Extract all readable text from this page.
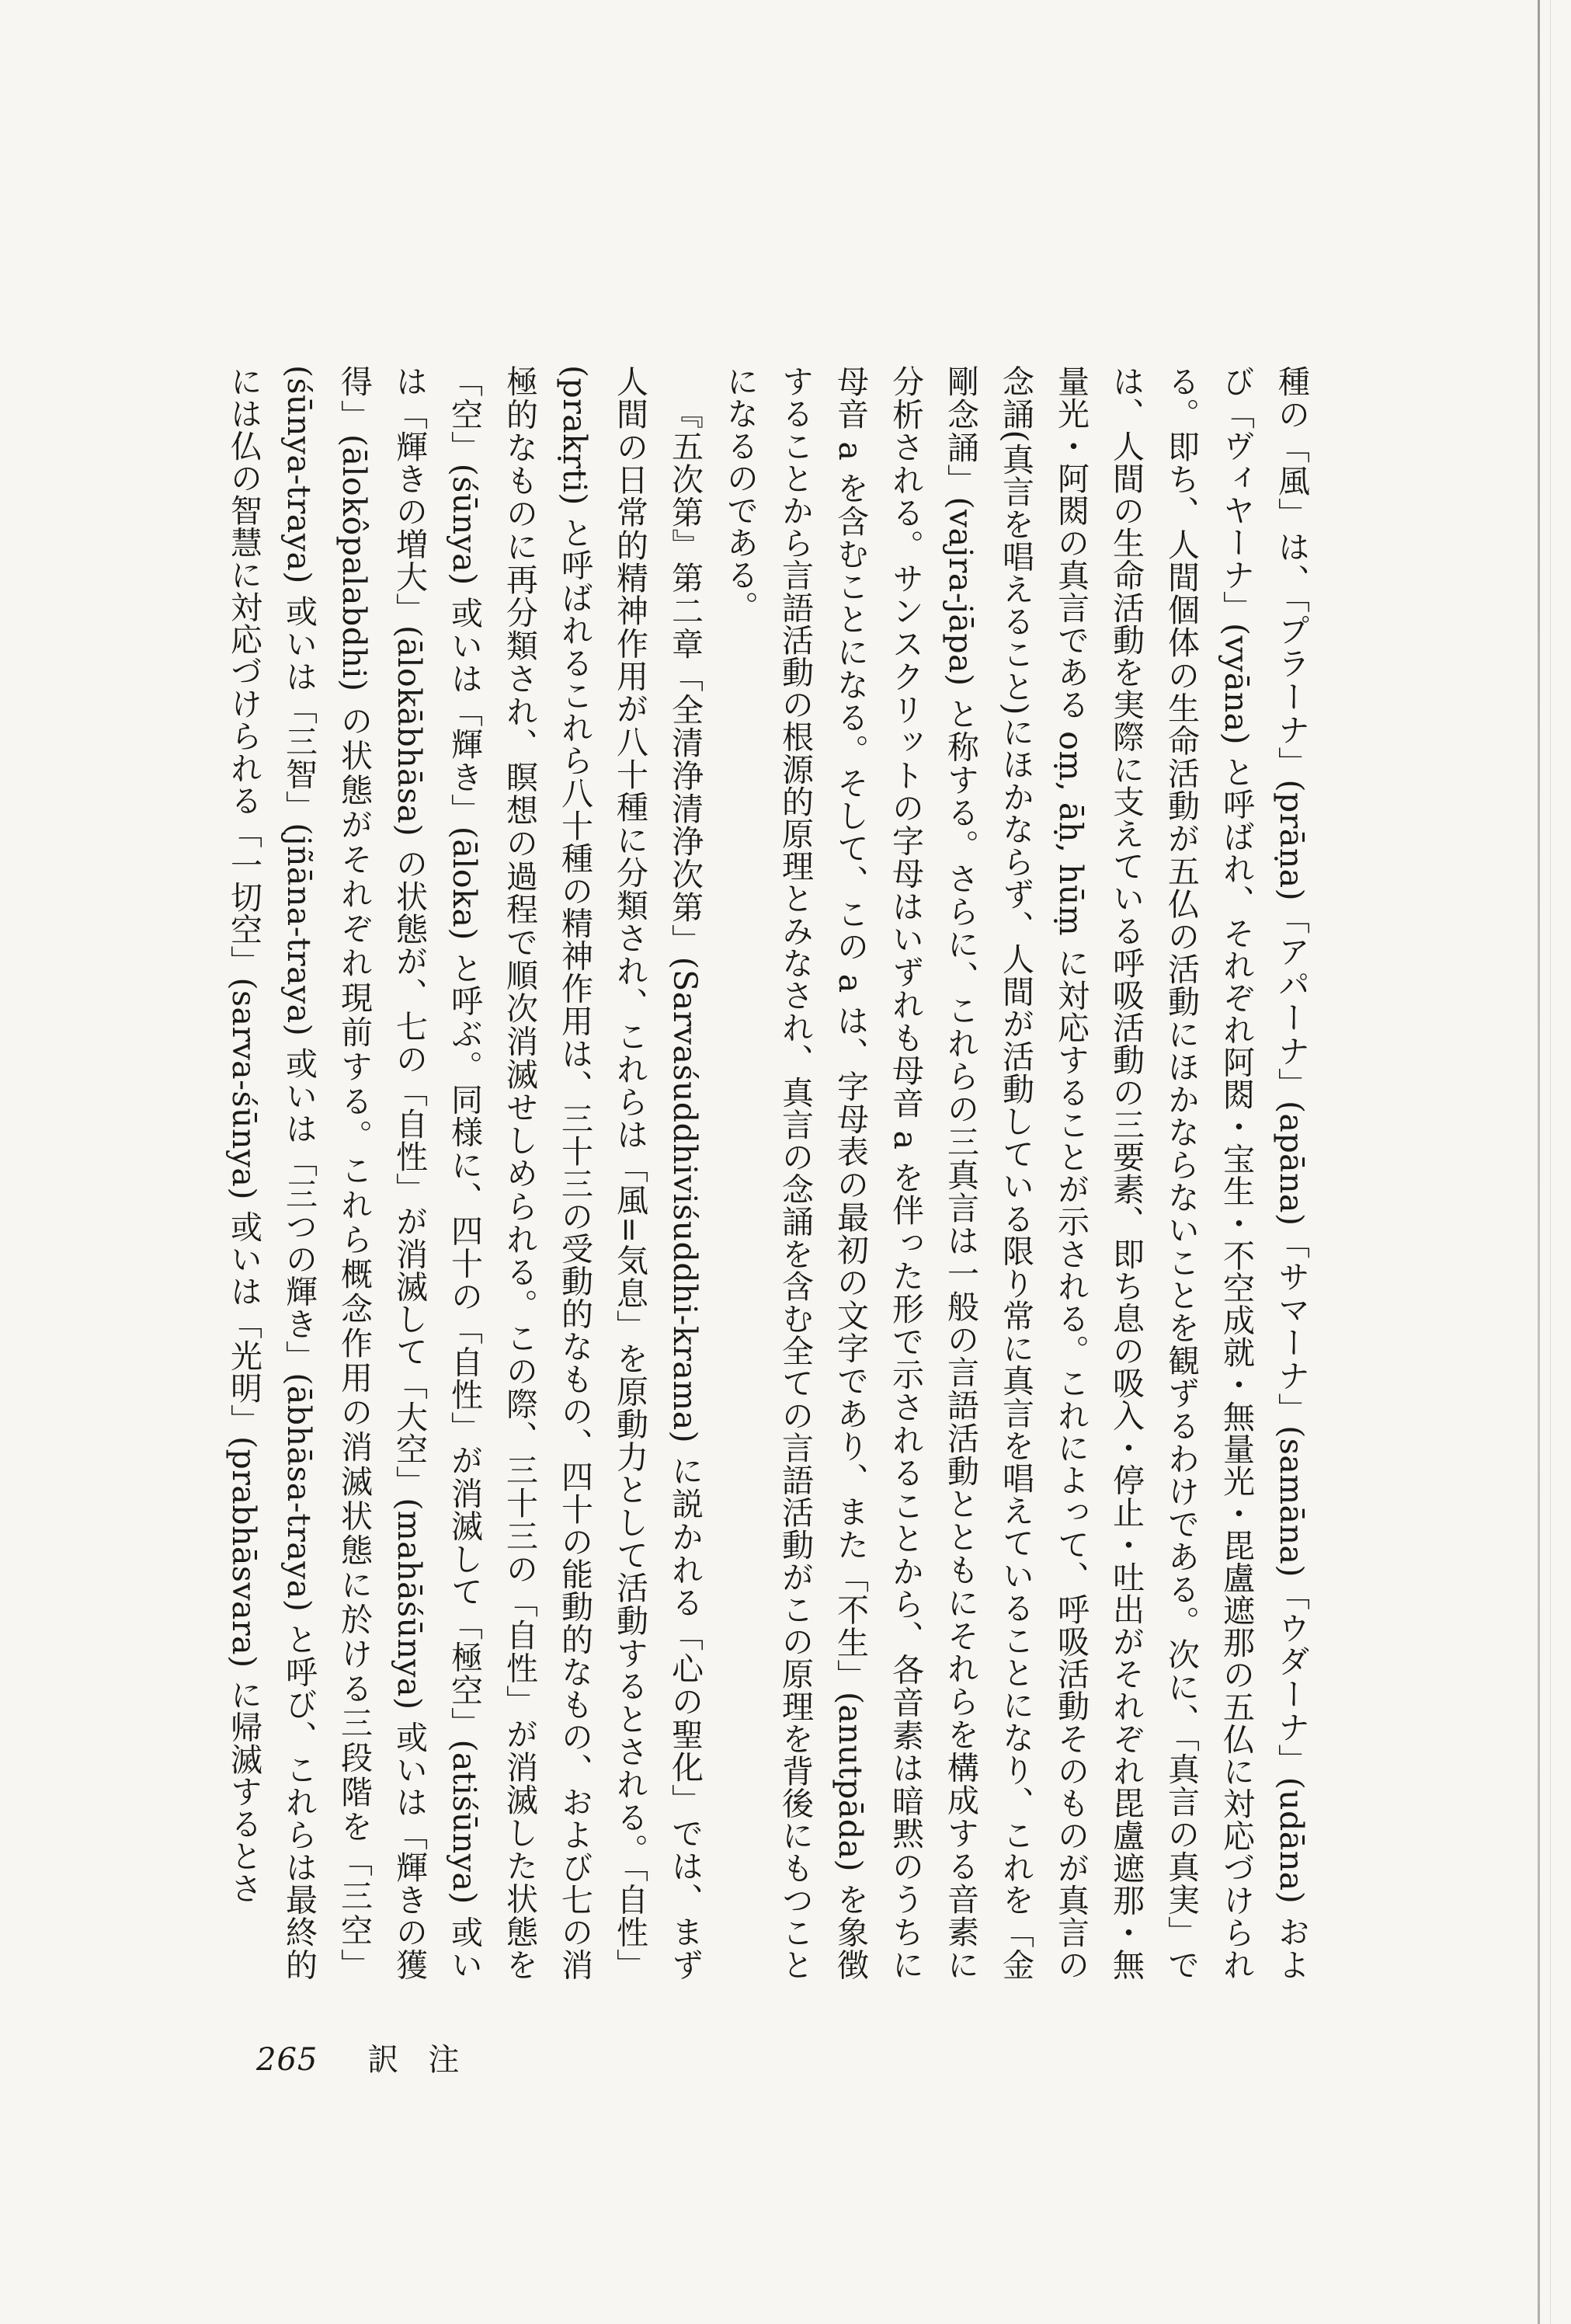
種の「風」は、「プラーナ」(prāṇa)「アパーナ」(apāna)「サマーナ」(samāna)「ウダーナ」(udāna) および「ヴィヤーナ」(vyāna) と呼ばれ、それぞれ阿閦・宝生・不空成就・無量光・毘盧遮那の五仏に対応づけられる。即ち、人間個体の生命活動が五仏の活動にほかならないことを観ずるわけである。次に、「真言の真実」では、人間の生命活動を実際に支えている呼吸活動の三要素、即ち息の吸入・停止・吐出がそれぞれ毘盧遮那・無量光・阿閦の真言である oṃ, āḥ, hūṃ に対応することが示される。これによって、呼吸活動そのものが真言の念誦(真言を唱えること)にほかならず、人間が活動している限り常に真言を唱えていることになり、これを「金剛念誦」(vajra-jāpa) と称する。さらに、これらの三真言は一般の言語活動とともにそれらを構成する音素に分析される。サンスクリットの字母はいずれも母音 a を伴った形で示されることから、各音素は暗黙のうちに母音 a を含むことになる。そして、この a は、字母表の最初の文字であり、また「不生」(anutpāda) を象徴することから言語活動の根源的原理とみなされ、真言の念誦を含む全ての言語活動がこの原理を背後にもつことになるのである。

『五次第』第二章「全清浄清浄次第」(Sarvaśuddhiviśuddhi-krama) に説かれる「心の聖化」では、まず人間の日常的精神作用が八十種に分類され、これらは「風=気息」を原動力として活動するとされる。「自性」(prakṛti) と呼ばれるこれら八十種の精神作用は、三十三の受動的なもの、四十の能動的なもの、および七の消極的なものに再分類され、瞑想の過程で順次消滅せしめられる。この際、三十三の「自性」が消滅した状態を「空」(śūnya) 或いは「輝き」(āloka) と呼ぶ。同様に、四十の「自性」が消滅して「極空」(atiśūnya) 或いは「輝きの増大」(ālokābhāsa) の状態が、七の「自性」が消滅して「大空」(mahāśūnya) 或いは「輝きの獲得」(ālokôpalabdhi) の状態がそれぞれ現前する。これら概念作用の消滅状態に於ける三段階を「三空」(śūnya-traya) 或いは「三智」(jñāna-traya) 或いは「三つの輝き」(ābhāsa-traya) と呼び、これらは最終的には仏の智慧に対応づけられる「一切空」(sarva-śūnya) 或いは「光明」(prabhāsvara) に帰滅するとさ

265 訳注
